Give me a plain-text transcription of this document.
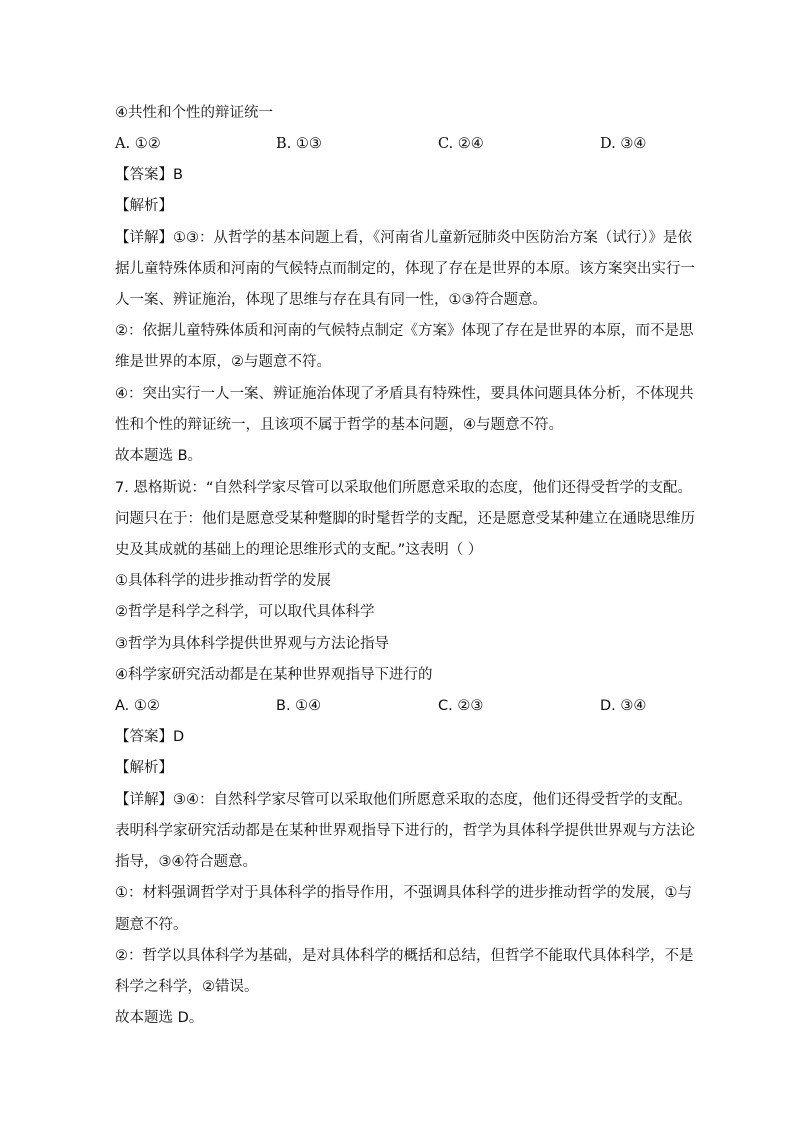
④共性和个性的辩证统一
A. ①②	B. ①③	C. ②④	D. ③④
【答案】B
【解析】
【详解】①③：从哲学的基本问题上看，《河南省儿童新冠肺炎中医防治方案（试行）》是依
据儿童特殊体质和河南的气候特点而制定的，体现了存在是世界的本原。该方案突出实行一
人一案、辨证施治，体现了思维与存在具有同一性，①③符合题意。
②：依据儿童特殊体质和河南的气候特点制定《方案》体现了存在是世界的本原，而不是思
维是世界的本原，②与题意不符。
④：突出实行一人一案、辨证施治体现了矛盾具有特殊性，要具体问题具体分析，不体现共
性和个性的辩证统一，且该项不属于哲学的基本问题，④与题意不符。
故本题选 B。
7. 恩格斯说：“自然科学家尽管可以采取他们所愿意采取的态度，他们还得受哲学的支配。
问题只在于：他们是愿意受某种蹩脚的时髦哲学的支配，还是愿意受某种建立在通晓思维历
史及其成就的基础上的理论思维形式的支配。”这表明（ ）
①具体科学的进步推动哲学的发展
②哲学是科学之科学，可以取代具体科学
③哲学为具体科学提供世界观与方法论指导
④科学家研究活动都是在某种世界观指导下进行的
A. ①②	B. ①④	C. ②③	D. ③④
【答案】D
【解析】
【详解】③④：自然科学家尽管可以采取他们所愿意采取的态度，他们还得受哲学的支配。
表明科学家研究活动都是在某种世界观指导下进行的，哲学为具体科学提供世界观与方法论
指导，③④符合题意。
①：材料强调哲学对于具体科学的指导作用，不强调具体科学的进步推动哲学的发展，①与
题意不符。
②：哲学以具体科学为基础，是对具体科学的概括和总结，但哲学不能取代具体科学，不是
科学之科学，②错误。
故本题选 D。
